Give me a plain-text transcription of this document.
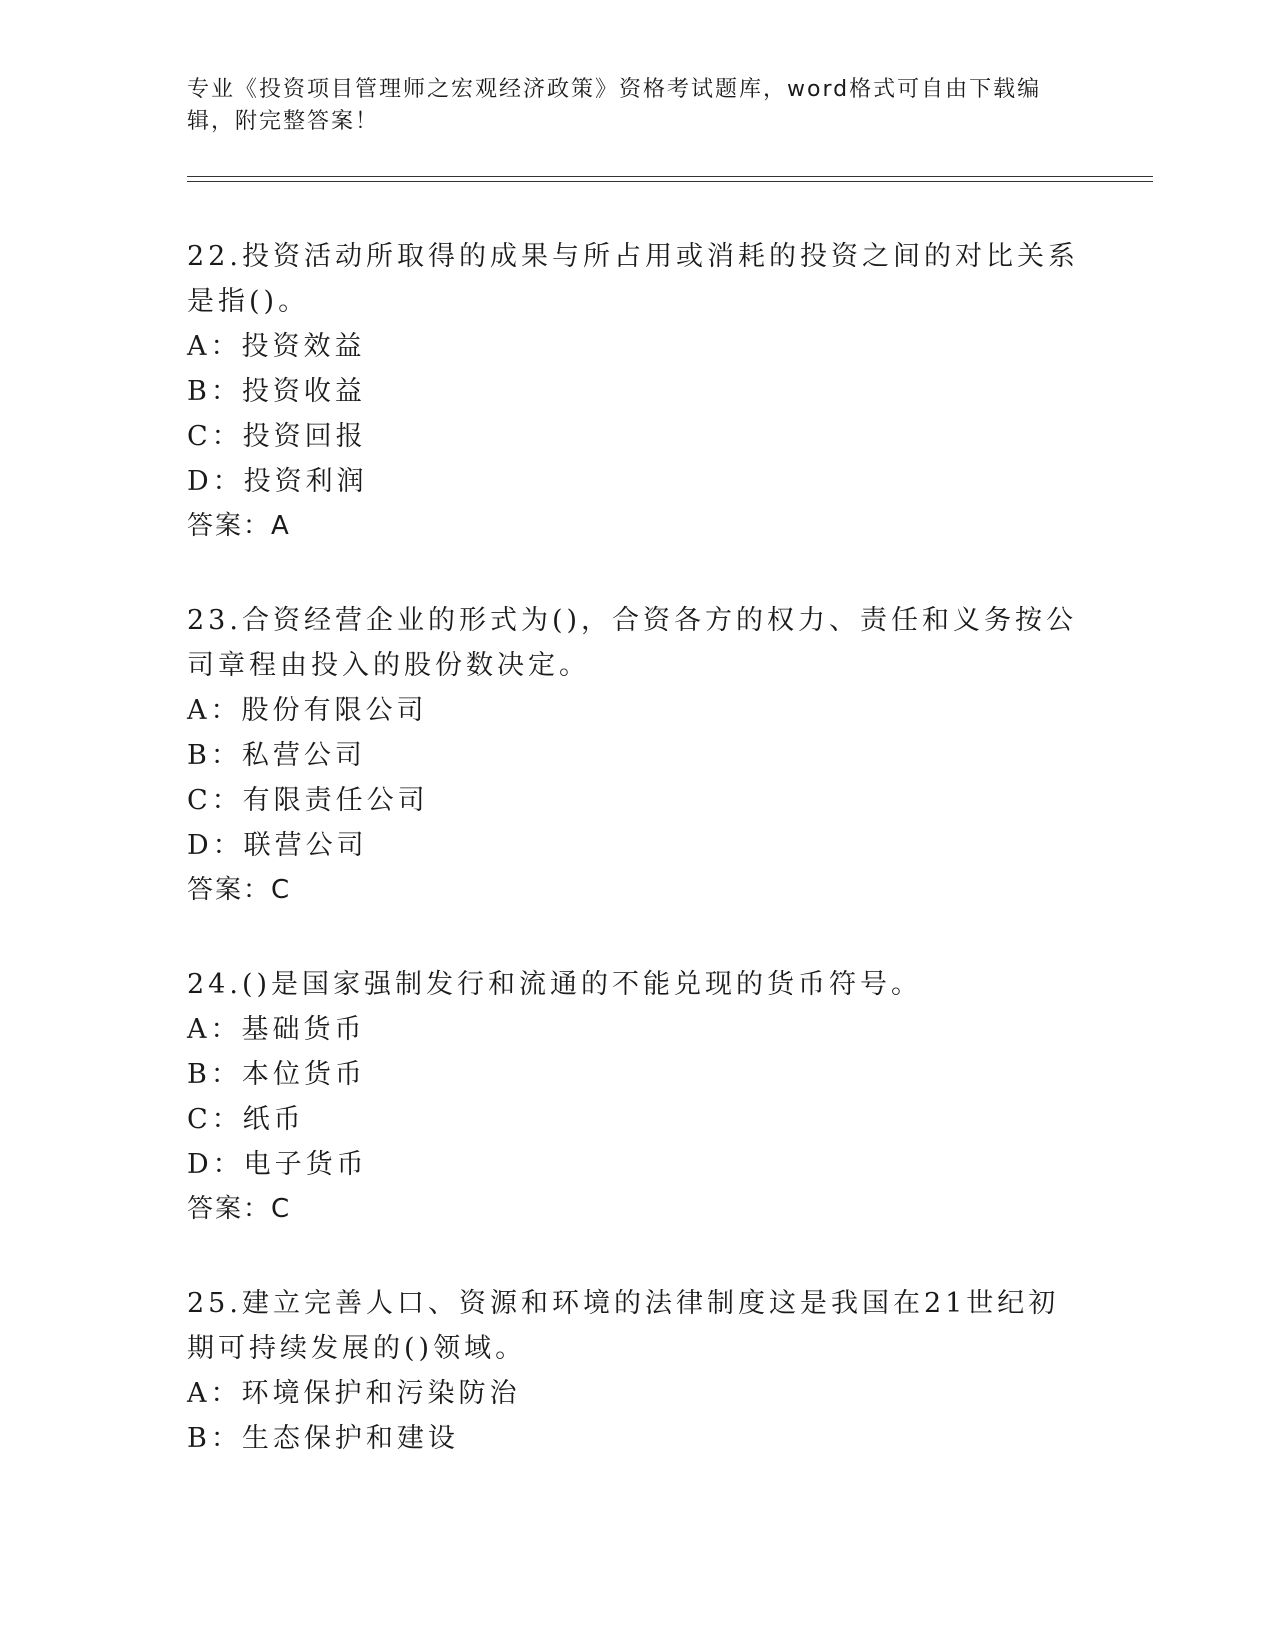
专业《投资项目管理师之宏观经济政策》资格考试题库，word格式可自由下载编
辑，附完整答案！
22.投资活动所取得的成果与所占用或消耗的投资之间的对比关系是指()。
A：投资效益
B：投资收益
C：投资回报
D：投资利润
答案：A
23.合资经营企业的形式为()，合资各方的权力、责任和义务按公司章程由投入的股份数决定。
A：股份有限公司
B：私营公司
C：有限责任公司
D：联营公司
答案：C
24.()是国家强制发行和流通的不能兑现的货币符号。
A：基础货币
B：本位货币
C：纸币
D：电子货币
答案：C
25.建立完善人口、资源和环境的法律制度这是我国在21世纪初期可持续发展的()领域。
A：环境保护和污染防治
B：生态保护和建设
